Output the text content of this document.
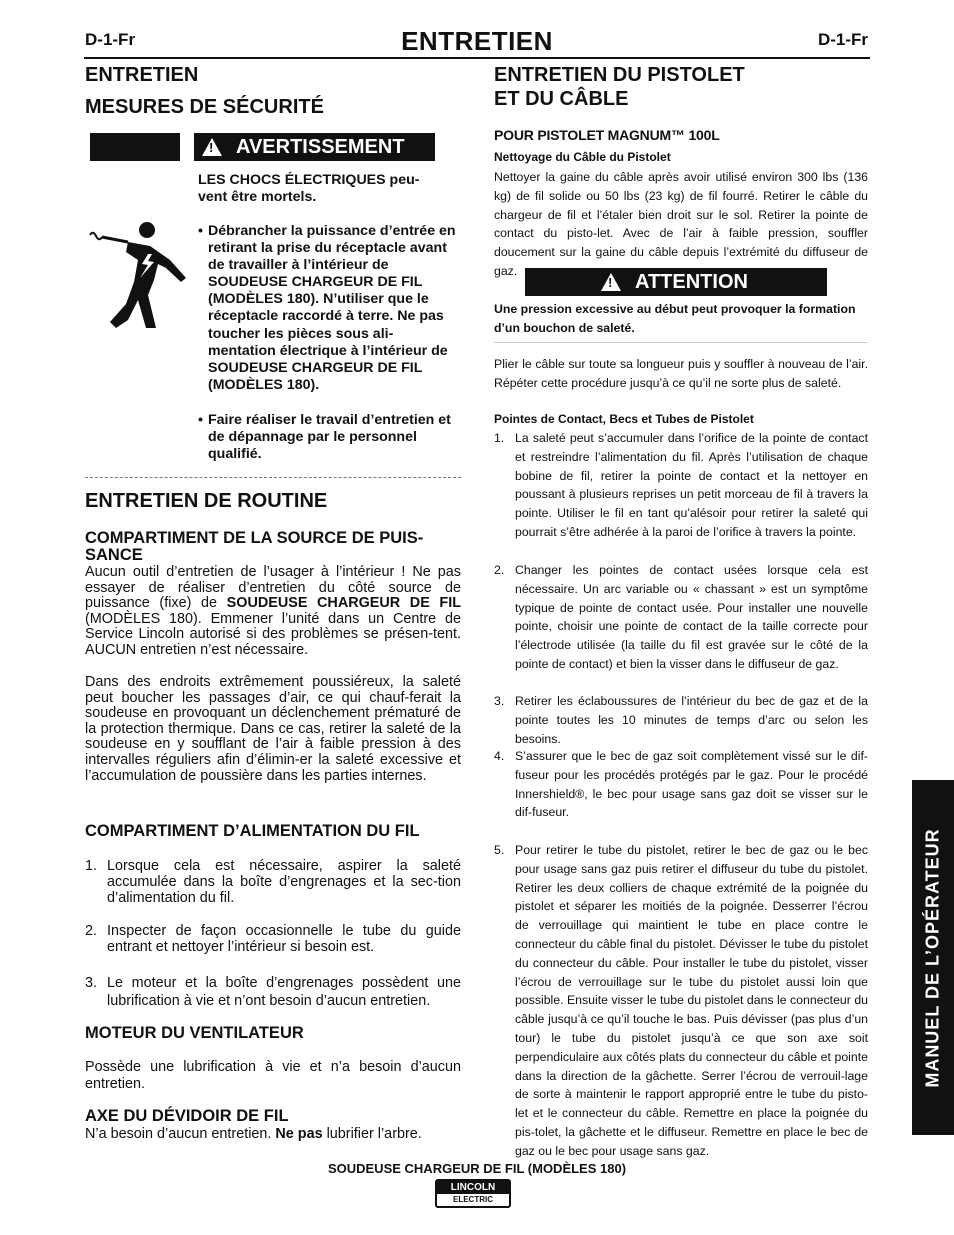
D-1-Fr	ENTRETIEN	D-1-Fr
ENTRETIEN
MESURES DE SÉCURITÉ
!
AVERTISSEMENT
LES CHOCS ÉLECTRIQUES peu-vent être mortels.
• Débrancher la puissance d’entrée en retirant la prise du réceptacle avant de travailler à l’intérieur de SOUDEUSE CHARGEUR DE FIL (MODÈLES 180). N’utiliser que le réceptacle raccordé à terre. Ne pas toucher les pièces sous ali-mentation électrique à l’intérieur de SOUDEUSE CHARGEUR DE FIL (MODÈLES 180).
• Faire réaliser le travail d’entretien et de dépannage par le personnel qualifié.
ENTRETIEN DE ROUTINE
COMPARTIMENT DE LA SOURCE DE PUIS-SANCE
Aucun outil d’entretien de l’usager à l’intérieur ! Ne pas essayer de réaliser d’entretien du côté source de puissance (fixe) de SOUDEUSE CHARGEUR DE FIL (MODÈLES 180). Emmener l’unité dans un Centre de Service Lincoln autorisé si des problèmes se présen-tent. AUCUN entretien n’est nécessaire.
Dans des endroits extrêmement poussiéreux, la saleté peut boucher les passages d’air, ce qui chauf-ferait la soudeuse en provoquant un déclenchement prématuré de la protection thermique. Dans ce cas, retirer la saleté de la soudeuse en y soufflant de l’air à faible pression à des intervalles réguliers afin d’élimin-er la saleté excessive et l’accumulation de poussière dans les parties internes.
COMPARTIMENT D’ALIMENTATION DU FIL
1. Lorsque cela est nécessaire, aspirer la saleté accumulée dans la boîte d’engrenages et la sec-tion d’alimentation du fil.
2. Inspecter de façon occasionnelle le tube du guide entrant et nettoyer l’intérieur si besoin est.
3. Le moteur et la boîte d’engrenages possèdent une lubrification à vie et n’ont besoin d’aucun entretien.
MOTEUR DU VENTILATEUR
Possède une lubrification à vie et n’a besoin d’aucun entretien.
AXE DU DÉVIDOIR DE FIL
N’a besoin d’aucun entretien. Ne pas lubrifier l’arbre.
ENTRETIEN DU PISTOLET
ET DU CÂBLE
POUR PISTOLET MAGNUM™ 100L
Nettoyage du Câble du Pistolet
Nettoyer la gaine du câble après avoir utilisé environ 300 lbs (136 kg) de fil solide ou 50 lbs (23 kg) de fil fourré. Retirer le câble du chargeur de fil et l’étaler bien droit sur le sol. Retirer la pointe de contact du pisto-let. Avec de l’air à faible pression, souffler doucement sur la gaine du câble depuis l’extrémité du diffuseur de gaz.
!	ATTENTION
Une pression excessive au début peut provoquer la formation d’un bouchon de saleté.
Plier le câble sur toute sa longueur puis y souffler à nouveau de l’air. Répéter cette procédure jusqu’à ce qu’il ne sorte plus de saleté.
Pointes de Contact, Becs et Tubes de Pistolet
1. La saleté peut s’accumuler dans l’orifice de la pointe de contact et restreindre l’alimentation du fil. Après l’utilisation de chaque bobine de fil, retirer la pointe de contact et la nettoyer en poussant à plusieurs reprises un petit morceau de fil à travers la pointe. Utiliser le fil en tant qu’alésoir pour retirer la saleté qui pourrait s’être adhérée à la paroi de l’orifice à travers la pointe.
2. Changer les pointes de contact usées lorsque cela est nécessaire. Un arc variable ou « chassant » est un symptôme typique de pointe de contact usée. Pour installer une nouvelle pointe, choisir une pointe de contact de la taille correcte pour l’électrode utilisée (la taille du fil est gravée sur le côté de la pointe de contact) et bien la visser dans le diffuseur de gaz.
3. Retirer les éclaboussures de l’intérieur du bec de gaz et de la pointe toutes les 10 minutes de temps d’arc ou selon les besoins.
4. S’assurer que le bec de gaz soit complètement vissé sur le dif-fuseur pour les procédés protégés par le gaz. Pour le procédé Innershield®, le bec pour usage sans gaz doit se visser sur le dif-fuseur.
5. Pour retirer le tube du pistolet, retirer le bec de gaz ou le bec pour usage sans gaz puis retirer el diffuseur du tube du pistolet. Retirer les deux colliers de chaque extrémité de la poignée du pistolet et séparer les moitiés de la poignée. Desserrer l’écrou de verrouillage qui maintient le tube en place contre le connecteur du câble final du pistolet. Dévisser le tube du pistolet du connecteur du câble. Pour installer le tube du pistolet, visser l’écrou de verrouillage sur le tube du pistolet aussi loin que possible. Ensuite visser le tube du pistolet dans le connecteur du câble jusqu’à ce qu’il touche le bas. Puis dévisser (pas plus d’un tour) le tube du pistolet jusqu’à ce que son axe soit perpendiculaire aux côtés plats du connecteur du câble et pointe dans la direction de la gâchette. Serrer l’écrou de verrouil-lage de sorte à maintenir le rapport approprié entre le tube du pisto-let et le connecteur du câble. Remettre en place la poignée du pis-tolet, la gâchette et le diffuseur. Remettre en place le bec de gaz ou le bec pour usage sans gaz.
MANUEL DE L’OPÉRATEUR
SOUDEUSE CHARGEUR DE FIL (MODÈLES 180)
LINCOLN
ELECTRIC
